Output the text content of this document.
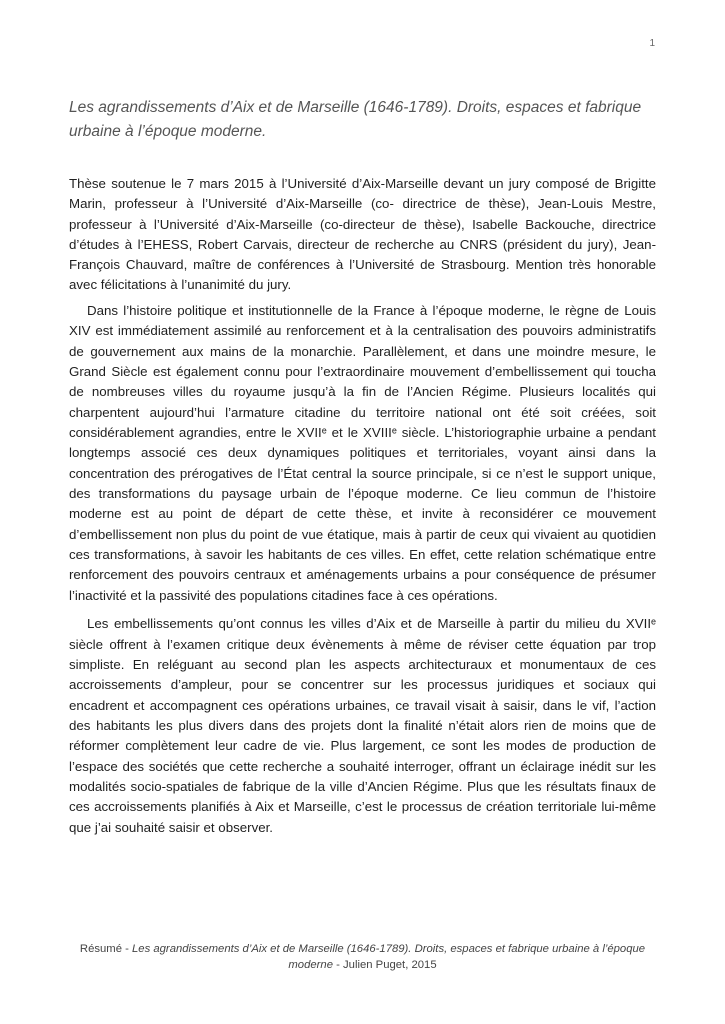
1
Les agrandissements d’Aix et de Marseille (1646-1789). Droits, espaces et fabrique urbaine à l’époque moderne.

Thèse soutenue le 7 mars 2015 à l’Université d’Aix-Marseille devant un jury composé de Brigitte Marin, professeur à l’Université d’Aix-Marseille (co- directrice de thèse), Jean-Louis Mestre, professeur à l’Université d’Aix-Marseille (co-directeur de thèse), Isabelle Backouche, directrice d’études à l’EHESS, Robert Carvais, directeur de recherche au CNRS (président du jury), Jean-François Chauvard, maître de conférences à l’Université de Strasbourg. Mention très honorable avec félicitations à l’unanimité du jury.

Dans l’histoire politique et institutionnelle de la France à l’époque moderne, le règne de Louis XIV est immédiatement assimilé au renforcement et à la centralisation des pouvoirs administratifs de gouvernement aux mains de la monarchie. Parallèlement, et dans une moindre mesure, le Grand Siècle est également connu pour l’extraordinaire mouvement d’embellissement qui toucha de nombreuses villes du royaume jusqu’à la fin de l’Ancien Régime. Plusieurs localités qui charpentent aujourd’hui l’armature citadine du territoire national ont été soit créées, soit considérablement agrandies, entre le XVIIᵉ et le XVIIIᵉ siècle. L’historiographie urbaine a pendant longtemps associé ces deux dynamiques politiques et territoriales, voyant ainsi dans la concentration des prérogatives de l’État central la source principale, si ce n’est le support unique, des transformations du paysage urbain de l’époque moderne. Ce lieu commun de l’histoire moderne est au point de départ de cette thèse, et invite à reconsidérer ce mouvement d’embellissement non plus du point de vue étatique, mais à partir de ceux qui vivaient au quotidien ces transformations, à savoir les habitants de ces villes. En effet, cette relation schématique entre renforcement des pouvoirs centraux et aménagements urbains a pour conséquence de présumer l’inactivité et la passivité des populations citadines face à ces opérations.

Les embellissements qu’ont connus les villes d’Aix et de Marseille à partir du milieu du XVIIᵉ siècle offrent à l’examen critique deux évènements à même de réviser cette équation par trop simpliste. En reléguant au second plan les aspects architecturaux et monumentaux de ces accroissements d’ampleur, pour se concentrer sur les processus juridiques et sociaux qui encadrent et accompagnent ces opérations urbaines, ce travail visait à saisir, dans le vif, l’action des habitants les plus divers dans des projets dont la finalité n’était alors rien de moins que de réformer complètement leur cadre de vie. Plus largement, ce sont les modes de production de l’espace des sociétés que cette recherche a souhaité interroger, offrant un éclairage inédit sur les modalités socio-spatiales de fabrique de la ville d’Ancien Régime. Plus que les résultats finaux de ces accroissements planifiés à Aix et Marseille, c’est le processus de création territoriale lui-même que j’ai souhaité saisir et observer.

Résumé - Les agrandissements d’Aix et de Marseille (1646-1789). Droits, espaces et fabrique urbaine à l’époque moderne - Julien Puget, 2015
